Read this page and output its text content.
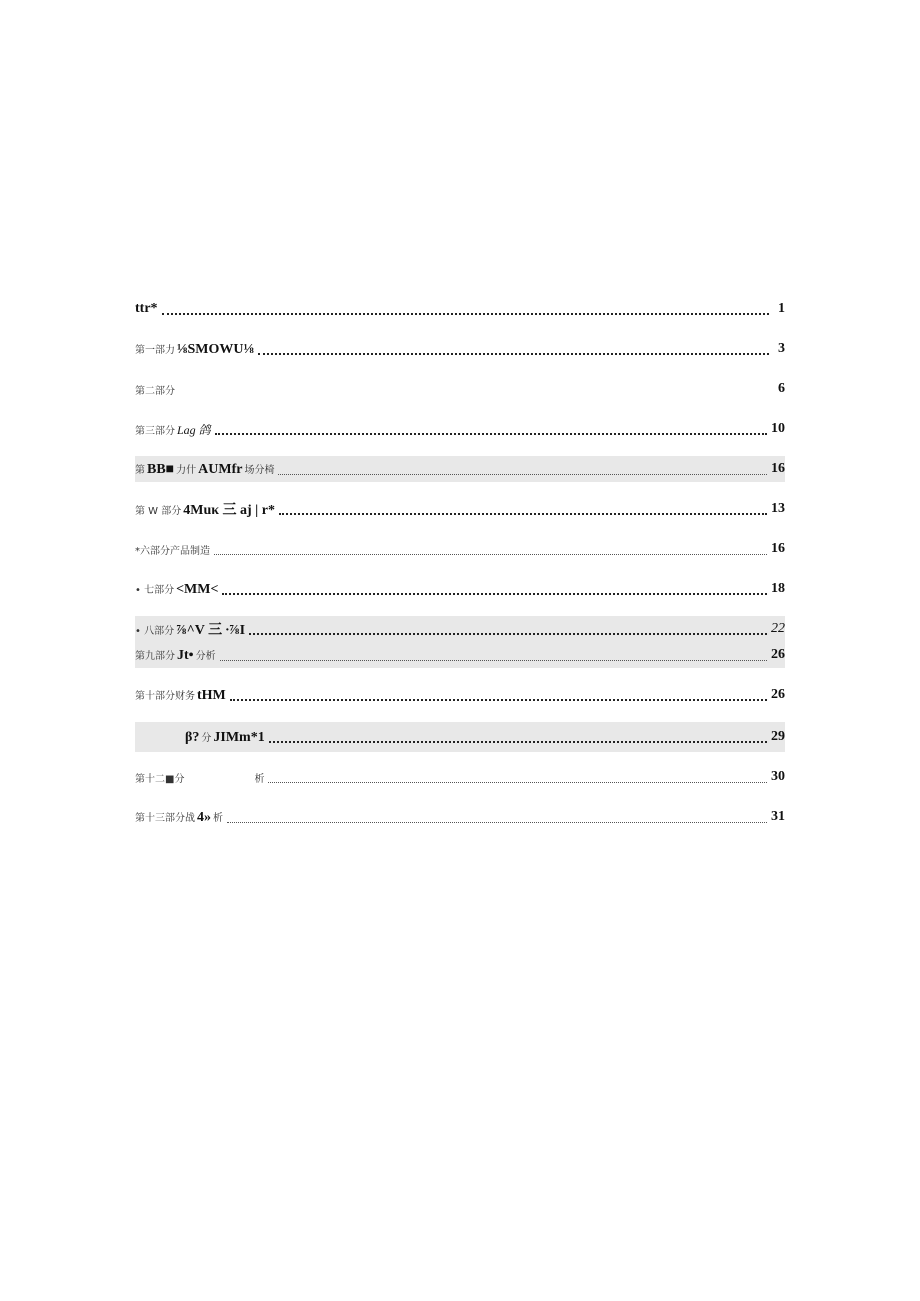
ttr*	1
第一部力 ⅛SMOWU⅛	3
第二部分	6
第三部分 Lag 鸽	10
第 BB■ 力什 AUMfr 场分椅	16
第 W 部分 4Muκ 三 aj | r*	13
*六部分产品制造	16
• 七部分 <MM<	18
• 八部分 ⅞^V 三 ∙⅞I	22
第九部分 Jt• 分析	26
第十部分财务 tHM	26
β? 分 JIMm*1	29
第十二■分	析	30
第十三部分战 4» 析	31
